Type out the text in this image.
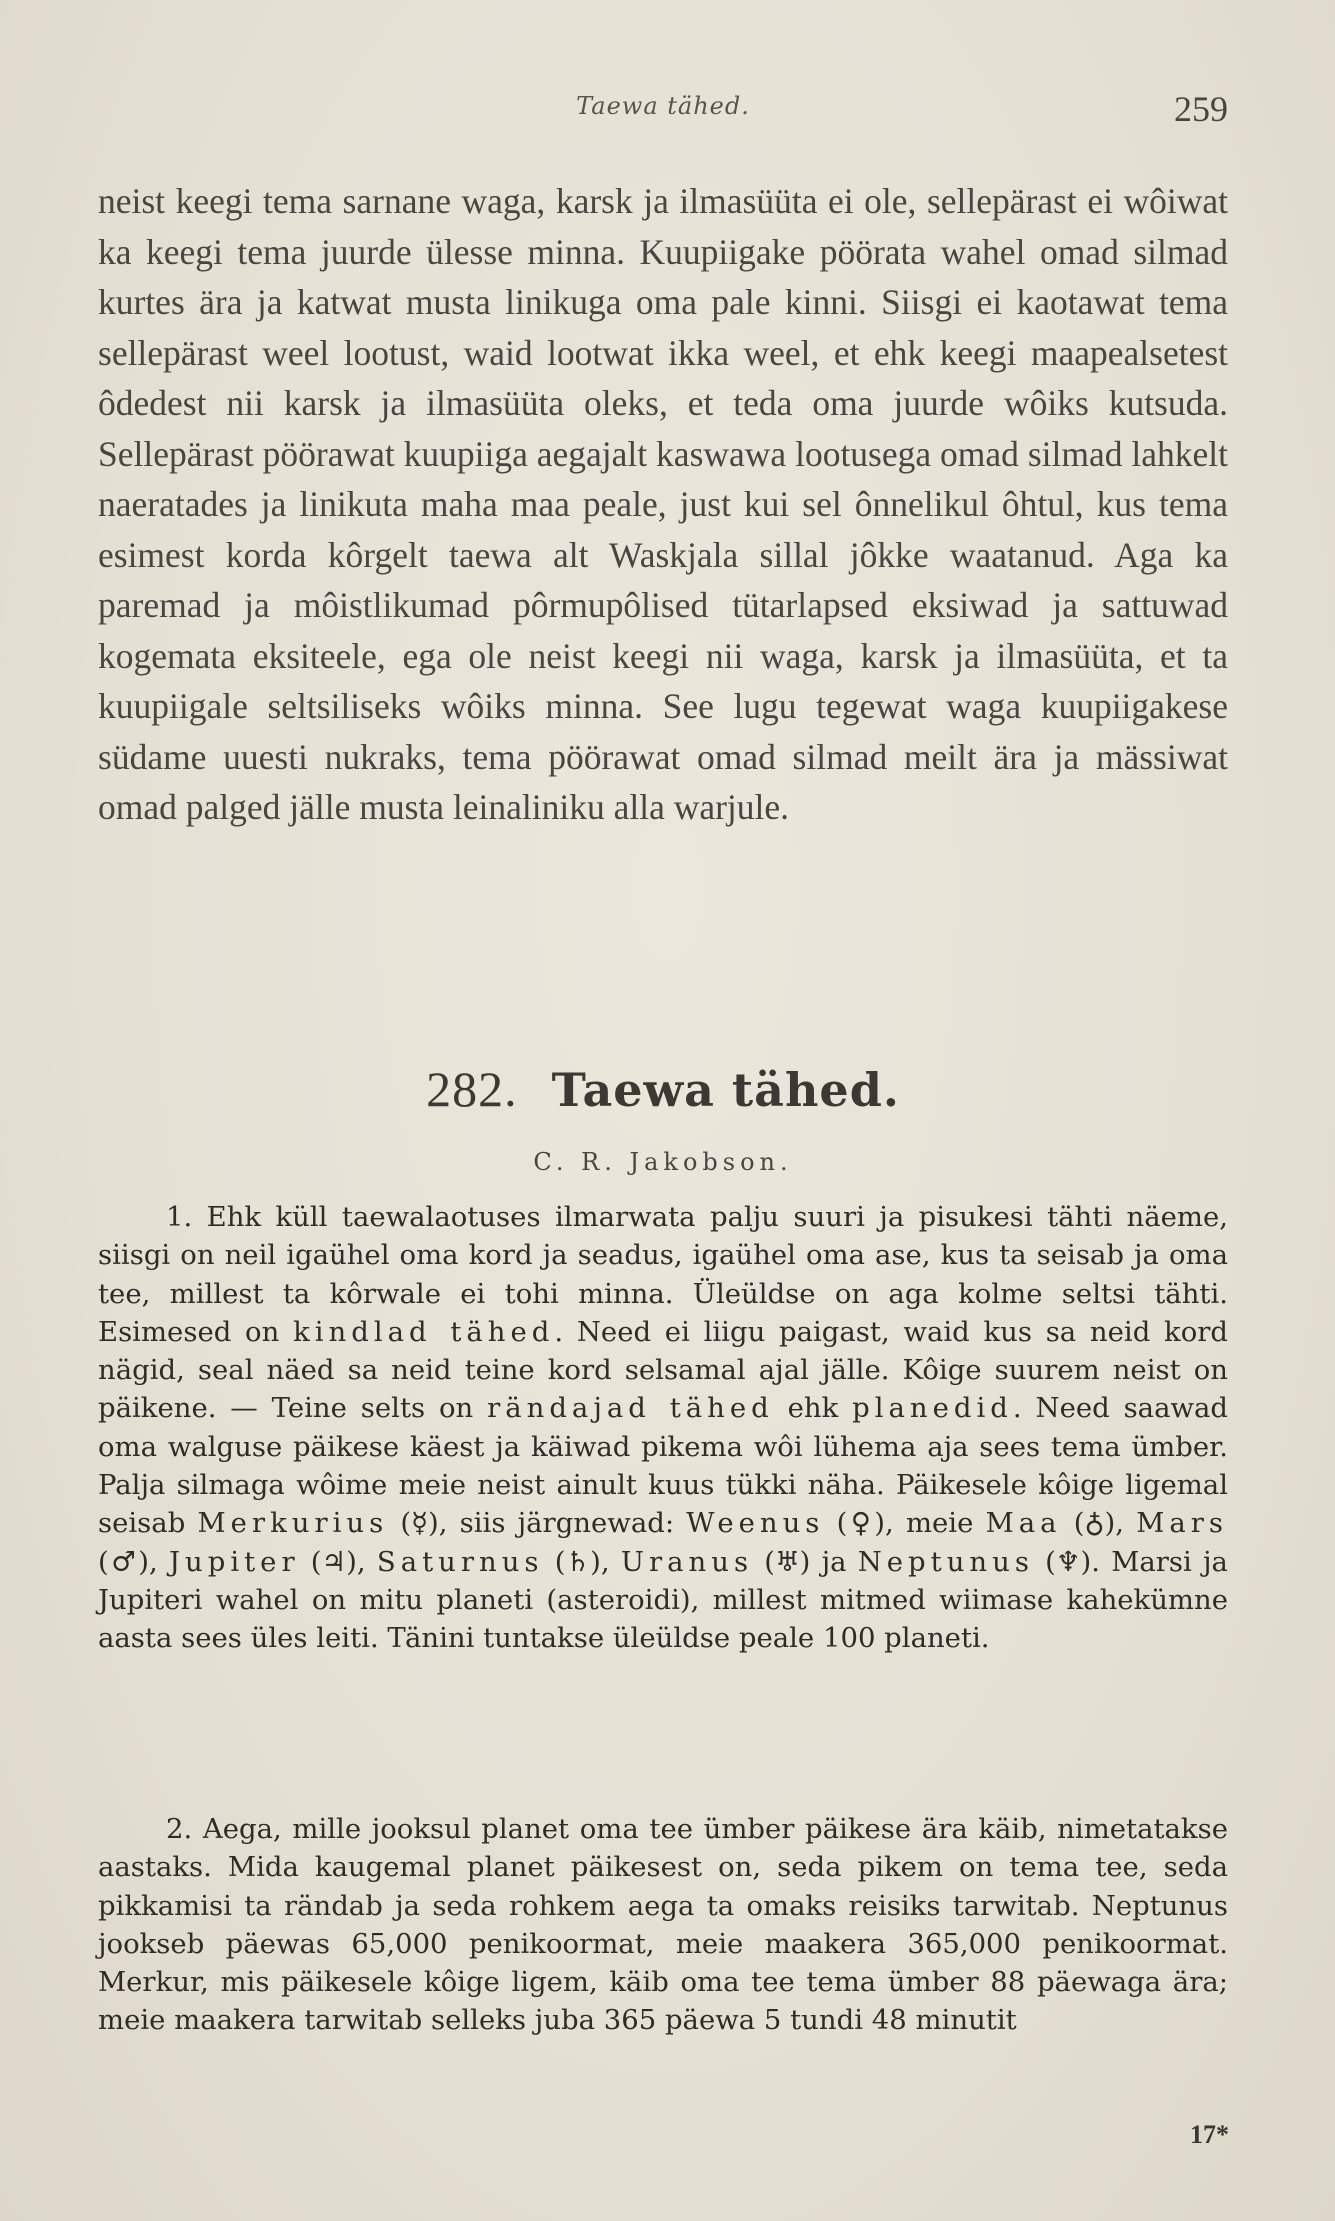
Taewa tähed.	259

neist keegi tema sarnane waga, karsk ja ilmasüüta ei ole, sellepärast ei wôiwat ka keegi tema juurde ülesse minna. Kuupiigake pöörata wahel omad silmad kurtes ära ja katwat musta linikuga oma pale kinni. Siisgi ei kaotawat tema sellepärast weel lootust, waid lootwat ikka weel, et ehk keegi maapealsetest ôdedest nii karsk ja ilmasüüta oleks, et teda oma juurde wôiks kutsuda. Sellepärast pöörawat kuupiiga aegajalt kaswawa lootusega omad silmad lahkelt naeratades ja linikuta maha maa peale, just kui sel ônnelikul ôhtul, kus tema esimest korda kôrgelt taewa alt Waskjala sillal jôkke waatanud. Aga ka paremad ja môistlikumad pôrmupôlised tütarlapsed eksiwad ja sattuwad kogemata eksiteele, ega ole neist keegi nii waga, karsk ja ilmasüüta, et ta kuupiigale seltsiliseks wôiks minna. See lugu tegewat waga kuupiigakese südame uuesti nukraks, tema pöörawat omad silmad meilt ära ja mässiwat omad palged jälle musta leinaliniku alla warjule.

282. Taewa tähed.
C. R. Jakobson.

1. Ehk küll taewalaotuses ilmarwata palju suuri ja pisukesi tähti näeme, siisgi on neil igaühel oma kord ja seadus, igaühel oma ase, kus ta seisab ja oma tee, millest ta kôrwale ei tohi minna. Üleüldse on aga kolme seltsi tähti. Esimesed on kindlad tähed. Need ei liigu paigast, waid kus sa neid kord nägid, seal näed sa neid teine kord selsamal ajal jälle. Kôige suurem neist on päikene. — Teine selts on rändajad tähed ehk planedid. Need saawad oma walguse päikese käest ja käiwad pikema wôi lühema aja sees tema ümber. Palja silmaga wôime meie neist ainult kuus tükki näha. Päikesele kôige ligemal seisab Merkurius (☿), siis järgnewad: Weenus (♀), meie Maa (♁), Mars (♂), Jupiter (♃), Saturnus (♄), Uranus (♅) ja Neptunus (♆). Marsi ja Jupiteri wahel on mitu planeti (asteroidi), millest mitmed wiimase kahekümne aasta sees üles leiti. Tänini tuntakse üleüldse peale 100 planeti.

2. Aega, mille jooksul planet oma tee ümber päikese ära käib, nimetatakse aastaks. Mida kaugemal planet päikesest on, seda pikem on tema tee, seda pikkamisi ta rändab ja seda rohkem aega ta omaks reisiks tarwitab. Neptunus jookseb päewas 65,000 penikoormat, meie maakera 365,000 penikoormat. Merkur, mis päikesele kôige ligem, käib oma tee tema ümber 88 päewaga ära; meie maakera tarwitab selleks juba 365 päewa 5 tundi 48 minutit

17*
